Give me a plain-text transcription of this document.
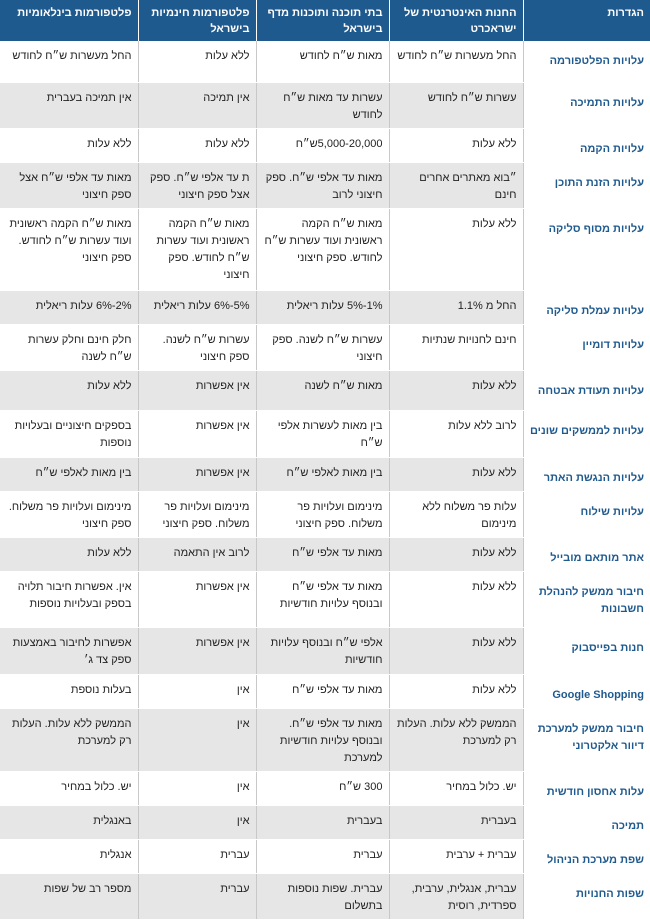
הגדרות	החנות האינטרנטית של ישראכרט	בתי תוכנה ותוכנות מדף בישראל	פלטפורמות חינמיות בישראל	פלטפורמות בינלאומיות
עלויות הפלטפורמה	החל מעשרות ש״ח לחודש	מאות ש״ח לחודש	ללא עלות	החל מעשרות ש״ח לחודש
עלויות התמיכה	עשרות ש״ח לחודש	עשרות עד מאות ש״ח לחודש	אין תמיכה	אין תמיכה בעברית
עלויות הקמה	ללא עלות	5,000-20,000ש״ח	ללא עלות	ללא עלות
עלויות הזנת התוכן	״בוא מאתרים אחרים חינם	מאות עד אלפי ש״ח. ספק חיצוני לרוב	ת עד אלפי ש״ח. ספק אצל ספק חיצוני	מאות עד אלפי ש״ח אצל ספק חיצוני
עלויות מסוף סליקה	ללא עלות	מאות ש״ח הקמה ראשונית ועוד עשרות ש״ח לחודש. ספק חיצוני	מאות ש״ח הקמה ראשונית ועוד עשרות ש״ח לחודש. ספק חיצוני	מאות ש״ח הקמה ראשונית ועוד עשרות ש״ח לחודש. ספק חיצוני
עלויות עמלת סליקה	החל מ 1.1%	1%-5% עלות ריאלית	5%-6% עלות ריאלית	2%-6% עלות ריאלית
עלויות דומיין	חינם לחנויות שנתיות	עשרות ש״ח לשנה. ספק חיצוני	עשרות ש״ח לשנה. ספק חיצוני	חלק חינם וחלק עשרות ש״ח לשנה
עלויות תעודת אבטחה	ללא עלות	מאות ש״ח לשנה	אין אפשרות	ללא עלות
עלויות לממשקים שונים	לרוב ללא עלות	בין מאות לעשרות אלפי ש״ח	אין אפשרות	בספקים חיצוניים ובעלויות נוספות
עלויות הנגשת האתר	ללא עלות	בין מאות לאלפי ש״ח	אין אפשרות	בין מאות לאלפי ש״ח
עלויות שילוח	עלות פר משלוח ללא מינימום	מינימום ועלויות פר משלוח. ספק חיצוני	מינימום ועלויות פר משלוח. ספק חיצוני	מינימום ועלויות פר משלוח. ספק חיצוני
אתר מותאם מובייל	ללא עלות	מאות עד אלפי ש״ח	לרוב אין התאמה	ללא עלות
חיבור ממשק להנהלת חשבונות	ללא עלות	מאות עד אלפי ש״ח ובנוסף עלויות חודשיות	אין אפשרות	אין. אפשרות חיבור תלויה בספק ובעלויות נוספות
חנות בפייסבוק	ללא עלות	אלפי ש״ח ובנוסף עלויות חודשיות	אין אפשרות	אפשרות לחיבור באמצעות ספק צד ג׳
Google Shopping	ללא עלות	מאות עד אלפי ש״ח	אין	בעלות נוספת
חיבור ממשק למערכת דיוור אלקטרוני	הממשק ללא עלות. העלות רק למערכת	מאות עד אלפי ש״ח. ובנוסף עלויות חודשיות למערכת	אין	הממשק ללא עלות. העלות רק למערכת
עלות אחסון חודשית	יש. כלול במחיר	300 ש״ח	אין	יש. כלול במחיר
תמיכה	בעברית	בעברית	אין	באנגלית
שפת מערכת הניהול	עברית + ערבית	עברית	עברית	אנגלית
שפות החנויות	עברית, אנגלית, ערבית, ספרדית, רוסית	עברית. שפות נוספות בתשלום	עברית	מספר רב של שפות
